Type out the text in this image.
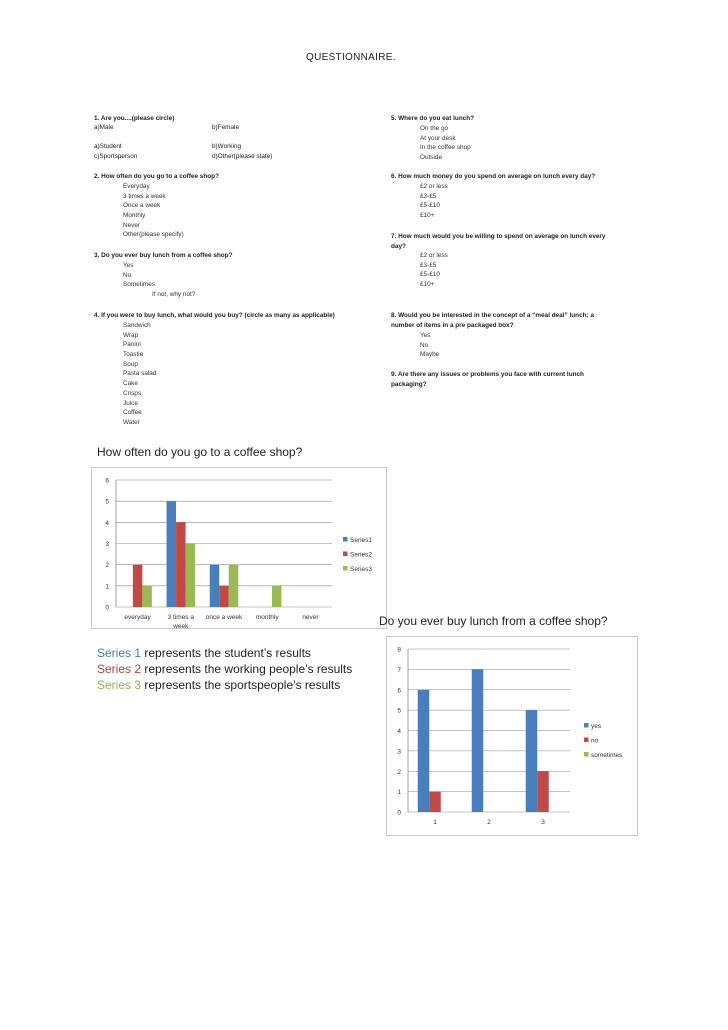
QUESTIONNAIRE.
1. Are you....(please circle)
a)Male	b)Female
a)Student	b)Working
c)Sportsperson	d)Other(please state)
2. How often do you go to a coffee shop?
Everyday
3 times a week
Once a week
Monthly
Never
Other(please specify)
3. Do you ever buy lunch from a coffee shop?
Yes
No
Sometimes
If not, why not?
4. If you were to buy lunch, what would you buy? (circle as many as applicable)
Sandwich
Wrap
Panini
Toastie
Soup
Pasta salad
Cake
Crisps
Juice
Coffee
Water
5. Where do you eat lunch?
On the go
At your desk
In the coffee shop
Outside
6. How much money do you spend on average on lunch every day?
£2 or less
£3-£5
£5-£10
£10+
7. How much would you be willing to spend on average on lunch every
day?
£2 or less
£3-£5
£5-£10
£10+
8. Would you be interested in the concept of a “meal deal” lunch; a
number of items in a pre packaged box?
Yes
No
Maybe
9. Are there any issues or problems you face with current lunch
packaging?
How often do you go to a coffee shop?
0
1
2
3
4
5
6
everyday	3 times a
week
once a week monthly	never
Series1
Series2
Series3
Series 1 represents the student’s results
Series 2 represents the working people’s results
Series 3 represents the sportspeople’s results
Do you ever buy lunch from a coffee shop?
0
1
2
3
4
5
6
7
8
1	2	3
yes
no
sometimes
